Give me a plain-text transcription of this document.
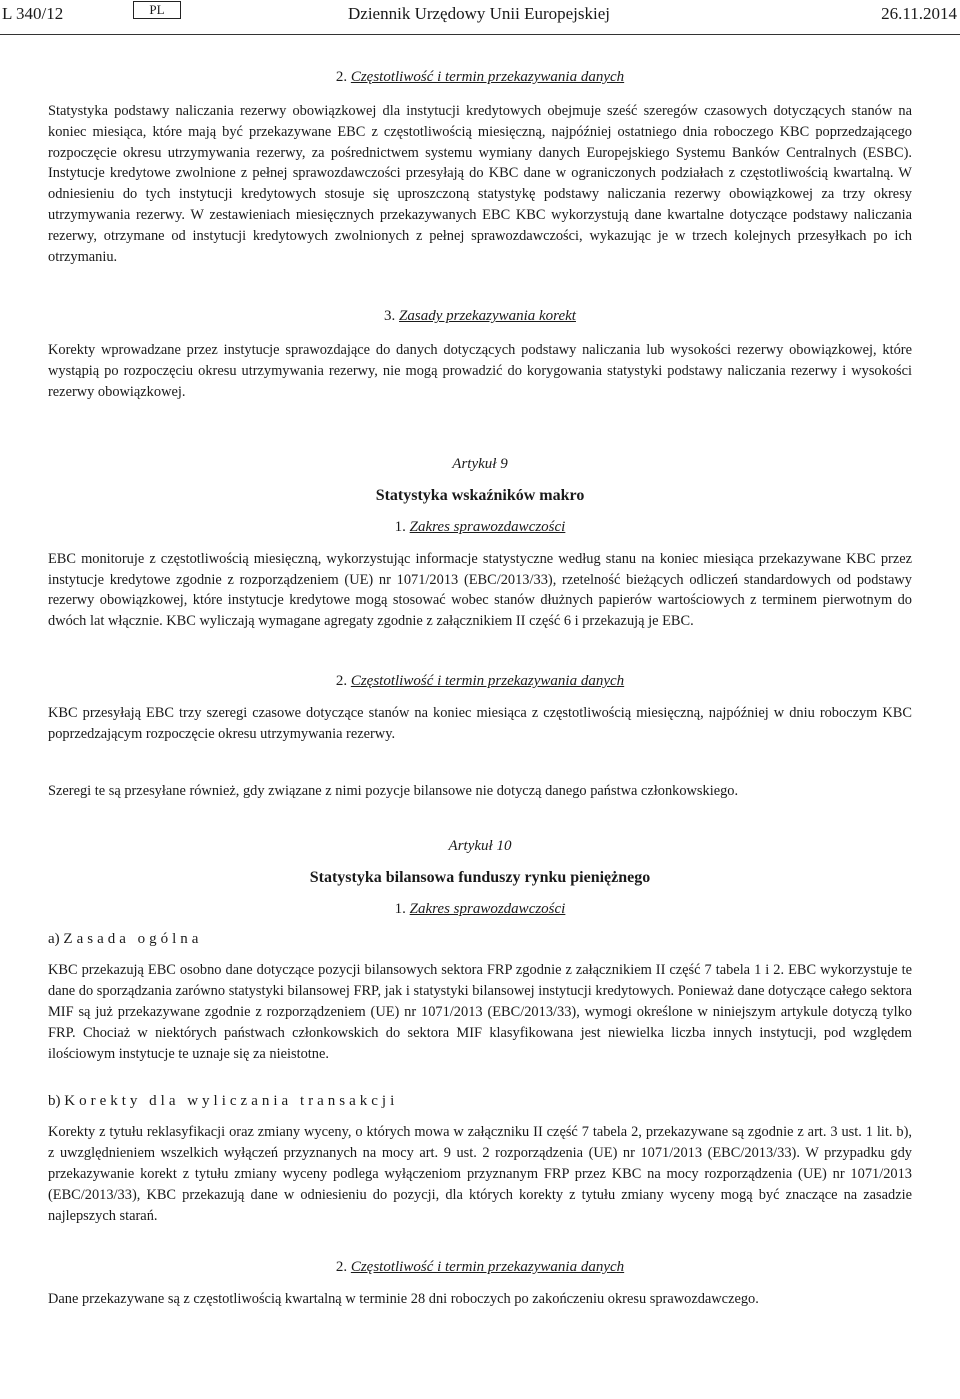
L 340/12	PL	Dziennik Urzędowy Unii Europejskiej	26.11.2014

2. Częstotliwość i termin przekazywania danych

Statystyka podstawy naliczania rezerwy obowiązkowej dla instytucji kredytowych obejmuje sześć szeregów czasowych dotyczących stanów na koniec miesiąca, które mają być przekazywane EBC z częstotliwością miesięczną, najpóźniej ostatniego dnia roboczego KBC poprzedzającego rozpoczęcie okresu utrzymywania rezerwy, za pośrednictwem systemu wymiany danych Europejskiego Systemu Banków Centralnych (ESBC). Instytucje kredytowe zwolnione z pełnej sprawozdawczości przesyłają do KBC dane w ograniczonych podziałach z częstotliwością kwartalną. W odniesieniu do tych instytucji kredytowych stosuje się uproszczoną statystykę podstawy naliczania rezerwy obowiązkowej za trzy okresy utrzymywania rezerwy. W zestawieniach miesięcznych przekazywanych EBC KBC wykorzystują dane kwartalne dotyczące podstawy naliczania rezerwy, otrzymane od instytucji kredytowych zwolnionych z pełnej sprawozdawczości, wykazując je w trzech kolejnych przesyłkach po ich otrzymaniu.

3. Zasady przekazywania korekt

Korekty wprowadzane przez instytucje sprawozdające do danych dotyczących podstawy naliczania lub wysokości rezerwy obowiązkowej, które wystąpią po rozpoczęciu okresu utrzymywania rezerwy, nie mogą prowadzić do korygowania statystyki podstawy naliczania rezerwy i wysokości rezerwy obowiązkowej.

Artykuł 9

Statystyka wskaźników makro

1. Zakres sprawozdawczości

EBC monitoruje z częstotliwością miesięczną, wykorzystując informacje statystyczne według stanu na koniec miesiąca przekazywane KBC przez instytucje kredytowe zgodnie z rozporządzeniem (UE) nr 1071/2013 (EBC/2013/33), rzetelność bieżących odliczeń standardowych od podstawy rezerwy obowiązkowej, które instytucje kredytowe mogą stosować wobec stanów dłużnych papierów wartościowych z terminem pierwotnym do dwóch lat włącznie. KBC wyliczają wymagane agregaty zgodnie z załącznikiem II część 6 i przekazują je EBC.

2. Częstotliwość i termin przekazywania danych

KBC przesyłają EBC trzy szeregi czasowe dotyczące stanów na koniec miesiąca z częstotliwością miesięczną, najpóźniej w dniu roboczym KBC poprzedzającym rozpoczęcie okresu utrzymywania rezerwy.

Szeregi te są przesyłane również, gdy związane z nimi pozycje bilansowe nie dotyczą danego państwa członkowskiego.

Artykuł 10

Statystyka bilansowa funduszy rynku pieniężnego

1. Zakres sprawozdawczości

a) Zasada ogólna

KBC przekazują EBC osobno dane dotyczące pozycji bilansowych sektora FRP zgodnie z załącznikiem II część 7 tabela 1 i 2. EBC wykorzystuje te dane do sporządzania zarówno statystyki bilansowej FRP, jak i statystyki bilansowej instytucji kredytowych. Ponieważ dane dotyczące całego sektora MIF są już przekazywane zgodnie z rozporządzeniem (UE) nr 1071/2013 (EBC/2013/33), wymogi określone w niniejszym artykule dotyczą tylko FRP. Chociaż w niektórych państwach członkowskich do sektora MIF klasyfikowana jest niewielka liczba innych instytucji, pod względem ilościowym instytucje te uznaje się za nieistotne.

b) Korekty dla wyliczania transakcji

Korekty z tytułu reklasyfikacji oraz zmiany wyceny, o których mowa w załączniku II część 7 tabela 2, przekazywane są zgodnie z art. 3 ust. 1 lit. b), z uwzględnieniem wszelkich wyłączeń przyznanych na mocy art. 9 ust. 2 rozporządzenia (UE) nr 1071/2013 (EBC/2013/33). W przypadku gdy przekazywanie korekt z tytułu zmiany wyceny podlega wyłączeniom przyznanym FRP przez KBC na mocy rozporządzenia (UE) nr 1071/2013 (EBC/2013/33), KBC przekazują dane w odniesieniu do pozycji, dla których korekty z tytułu zmiany wyceny mogą być znaczące na zasadzie najlepszych starań.

2. Częstotliwość i termin przekazywania danych

Dane przekazywane są z częstotliwością kwartalną w terminie 28 dni roboczych po zakończeniu okresu sprawozdawczego.
